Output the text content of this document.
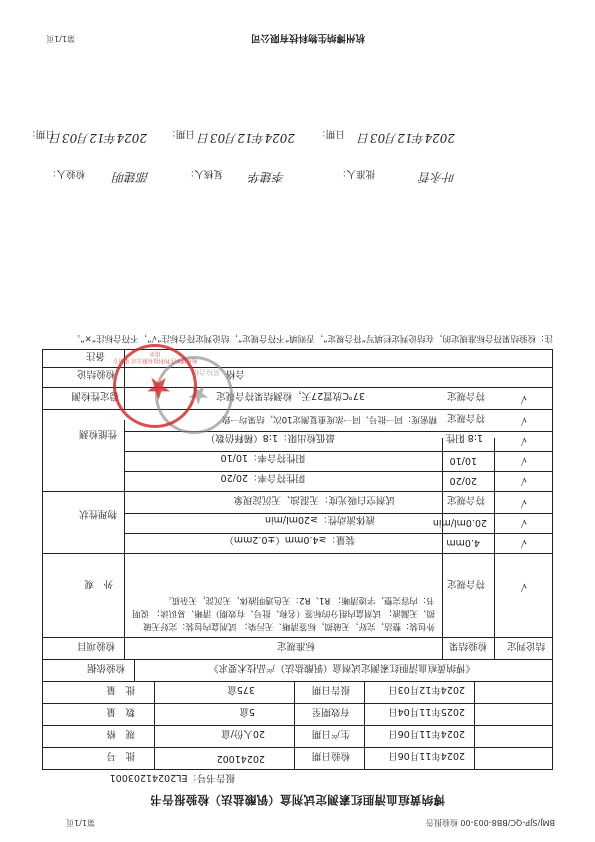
BMJ/SJP-QC/BB8-003-00 检验报告
第1/1页
博纳黄疸血清胆红素测定试剂盒（钒酸盐法）检验报告书
报告书号：EL20241203001
批　号	20241002	检验日期	2024年11月06日
规　格	20人份/盒	生产日期	2024年11月06日
数　量	5盒	有效期至	2025年11月04日
批　量	375盒	报告日期	2024年12月03日
检验依据	《博纳黄疸血清胆红素测定试剂盒（钒酸盐法）产品技术要求》
检验项目	标准规定	检验结果 结论判定
外　观
外包装：整洁，完好，无破损，标签清晰、无污染； 试剂盒内包装：完好无破损、无漏液； 试剂盒内组分的标签（名称、批号、有效期）清晰、易识读； 说明书：内容完整，字迹清晰； R1、R2：无色透明液体，无沉淀，无杂质。
符合规定	√
物理性状
装量：≥4.0mm（±0.2mm）	4.0mm	√
液体流动性：≥20ml/min	20.0ml/min	√
试剂空白吸光度：无混浊、无沉淀现象	符合规定	√
性能检测
阴性符合率：20/20	20/20	√
阳性符合率：10/10	10/10	√
最低检出限：1:8（稀释倍数）	1:8 阳性	√
精密度：同一批号、同一浓度重复测定10次，结果均一致 符合规定	√
稳定性检测	37℃放置27天，检测结果符合规定	符合规定	√
检验结论	合格
备注
注：检验结果符合标准规定的，在结论判定栏填写“符合规定”，否则填“不符合规定”，结论判定符合标注“√”，不符合标注“×”。
★
质检合格
★
杭州博纳生物科技有限公司 质量专用章
检验人： 邵建明	复核人： 李建华	批准人：	叶永哲
日期：
2024年12月03日 日期： 2024年12月03日 日期： 2024年12月03日
杭州博纳生物科技有限公司
第1/1页
